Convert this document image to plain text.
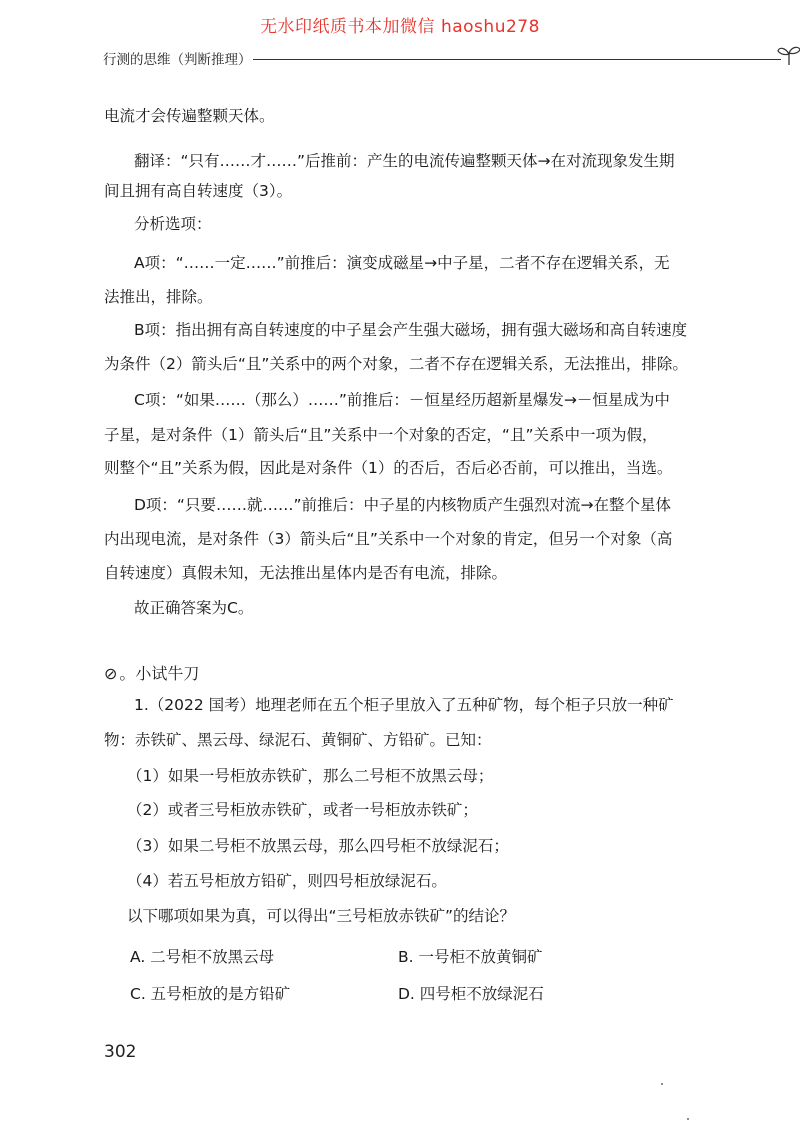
无水印纸质书本加微信 haoshu278
行测的思维（判断推理）

电流才会传遍整颗天体。

翻译：“只有……才……”后推前：产生的电流传遍整颗天体→在对流现象发生期

间且拥有高自转速度（3）。

分析选项：

A项：“……一定……”前推后：演变成磁星→中子星，二者不存在逻辑关系，无

法推出，排除。

B项：指出拥有高自转速度的中子星会产生强大磁场，拥有强大磁场和高自转速度

为条件（2）箭头后“且”关系中的两个对象，二者不存在逻辑关系，无法推出，排除。

C项：“如果……（那么）……”前推后：－恒星经历超新星爆发→－恒星成为中

子星，是对条件（1）箭头后“且”关系中一个对象的否定，“且”关系中一项为假，

则整个“且”关系为假，因此是对条件（1）的否后，否后必否前，可以推出，当选。

D项：“只要……就……”前推后：中子星的内核物质产生强烈对流→在整个星体

内出现电流，是对条件（3）箭头后“且”关系中一个对象的肯定，但另一个对象（高

自转速度）真假未知，无法推出星体内是否有电流，排除。

故正确答案为C。

⊘ 。小试牛刀

1.（2022 国考）地理老师在五个柜子里放入了五种矿物，每个柜子只放一种矿

物：赤铁矿、黑云母、绿泥石、黄铜矿、方铅矿。已知：

（1）如果一号柜放赤铁矿，那么二号柜不放黑云母；

（2）或者三号柜放赤铁矿，或者一号柜放赤铁矿；

（3）如果二号柜不放黑云母，那么四号柜不放绿泥石；

（4）若五号柜放方铅矿，则四号柜放绿泥石。

以下哪项如果为真，可以得出“三号柜放赤铁矿”的结论？

A. 二号柜不放黑云母	B. 一号柜不放黄铜矿

C. 五号柜放的是方铅矿	D. 四号柜不放绿泥石

302
